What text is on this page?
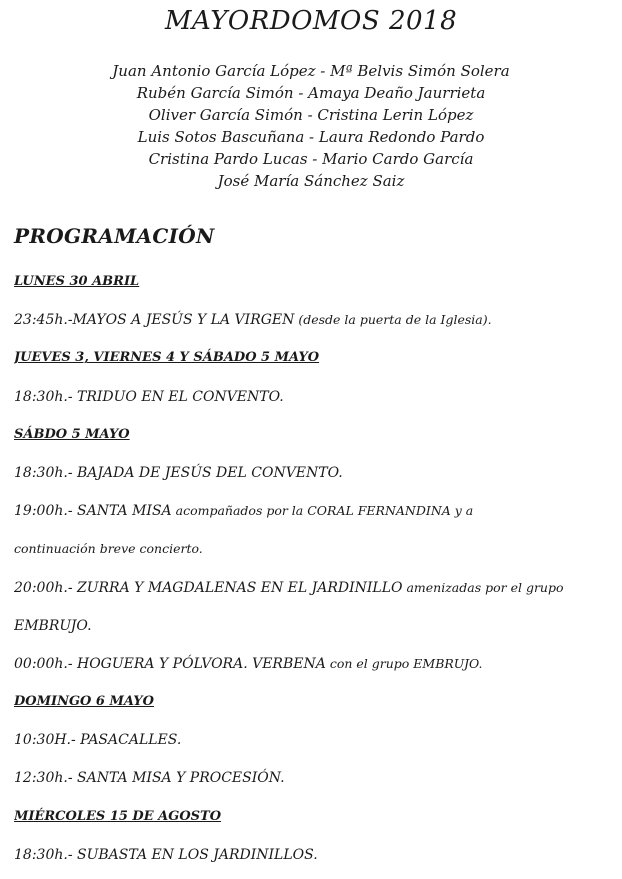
MAYORDOMOS 2018
Juan Antonio García López - Mª Belvis Simón Solera
Rubén García Simón - Amaya Deaño Jaurrieta
Oliver García Simón - Cristina Lerin López
Luis Sotos Bascuñana - Laura Redondo Pardo
Cristina Pardo Lucas - Mario Cardo García
José María Sánchez Saiz
PROGRAMACIÓN
LUNES 30 ABRIL
23:45h.-MAYOS A JESÚS Y LA VIRGEN (desde la puerta de la Iglesia).
JUEVES 3, VIERNES 4 Y SÁBADO 5 MAYO
18:30h.- TRIDUO EN EL CONVENTO.
SÁBDO 5 MAYO
18:30h.- BAJADA DE JESÚS DEL CONVENTO.
19:00h.- SANTA MISA acompañados por la CORAL FERNANDINA y a
continuación breve concierto.
20:00h.- ZURRA Y MAGDALENAS EN EL JARDINILLO amenizadas por el grupo
EMBRUJO.
00:00h.- HOGUERA Y PÓLVORA. VERBENA con el grupo EMBRUJO.
DOMINGO 6 MAYO
10:30H.- PASACALLES.
12:30h.- SANTA MISA Y PROCESIÓN.
MIÉRCOLES 15 DE AGOSTO
18:30h.- SUBASTA EN LOS JARDINILLOS.
